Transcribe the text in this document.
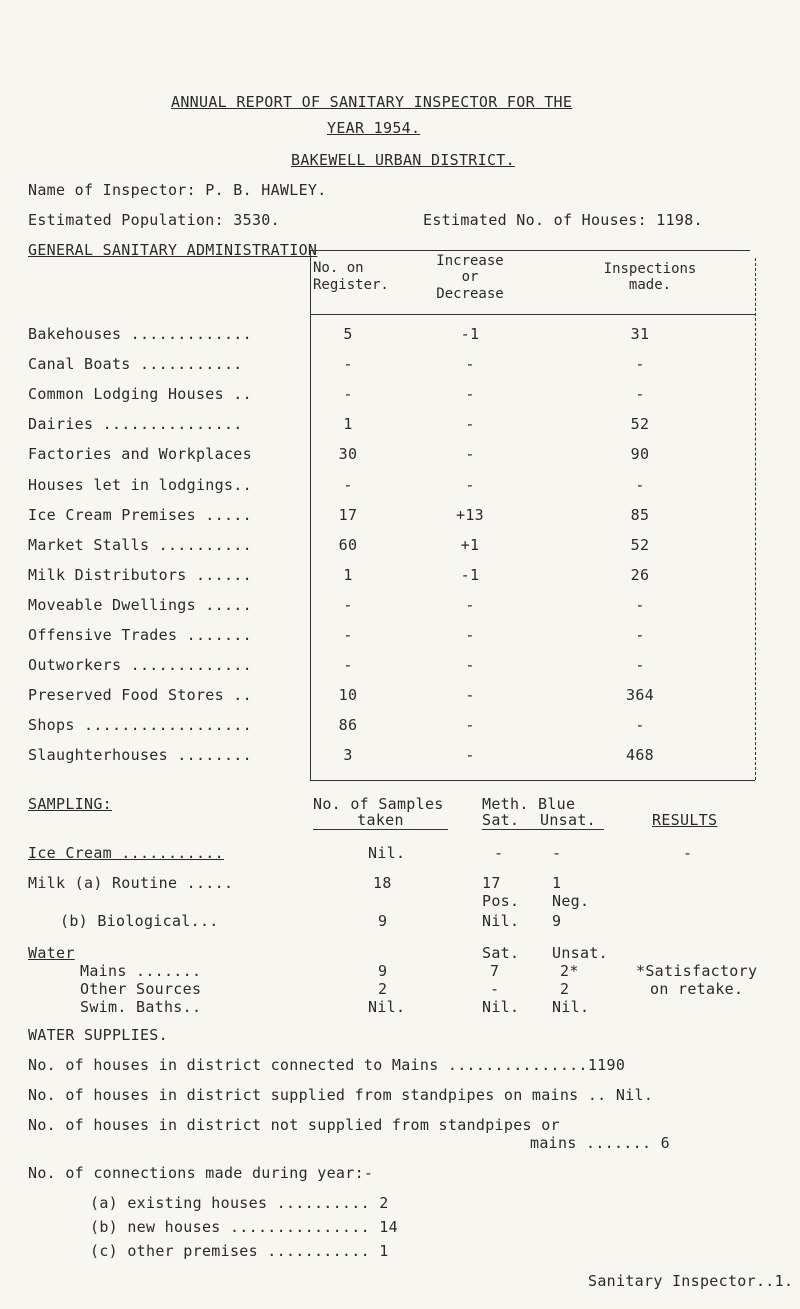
ANNUAL REPORT OF SANITARY INSPECTOR FOR THE
YEAR 1954.
BAKEWELL URBAN DISTRICT.
Name of Inspector: P. B. HAWLEY.
Estimated Population: 3530.	Estimated No. of Houses: 1198.
GENERAL SANITARY ADMINISTRATION
No. on
Register.
Increase
or
Decrease
Inspections
made.
Bakehouses .............	5	-1	31
Canal Boats ...........	-	-	-
Common Lodging Houses ..	-	-	-
Dairies ...............	1	-	52
Factories and Workplaces	30	-	90
Houses let in lodgings..	-	-	-
Ice Cream Premises .....	17	+13	85
Market Stalls ..........	60	+1	52
Milk Distributors ......	1	-1	26
Moveable Dwellings .....	-	-	-
Offensive Trades .......	-	-	-
Outworkers .............	-	-	-
Preserved Food Stores ..	10	-	364
Shops ..................	86	-	-
Slaughterhouses ........	3	-	468
SAMPLING:	No. of Samples
taken
Meth. Blue
Sat. Unsat.	RESULTS
Ice Cream ...........	Nil.	-	-	-
Milk (a) Routine .....	18	17	1
Pos. Neg.
(b) Biological...	9	Nil. 9
Water	Sat. Unsat.
Mains .......	9	7	2*	*Satisfactory
Other Sources	2	-	2	on retake.
Swim. Baths..	Nil.	Nil. Nil.
WATER SUPPLIES.
No. of houses in district connected to Mains ...............1190
No. of houses in district supplied from standpipes on mains .. Nil.
No. of houses in district not supplied from standpipes or
mains ....... 6
No. of connections made during year:-
(a) existing houses .......... 2
(b) new houses ............... 14
(c) other premises ........... 1
Sanitary Inspector..1.
